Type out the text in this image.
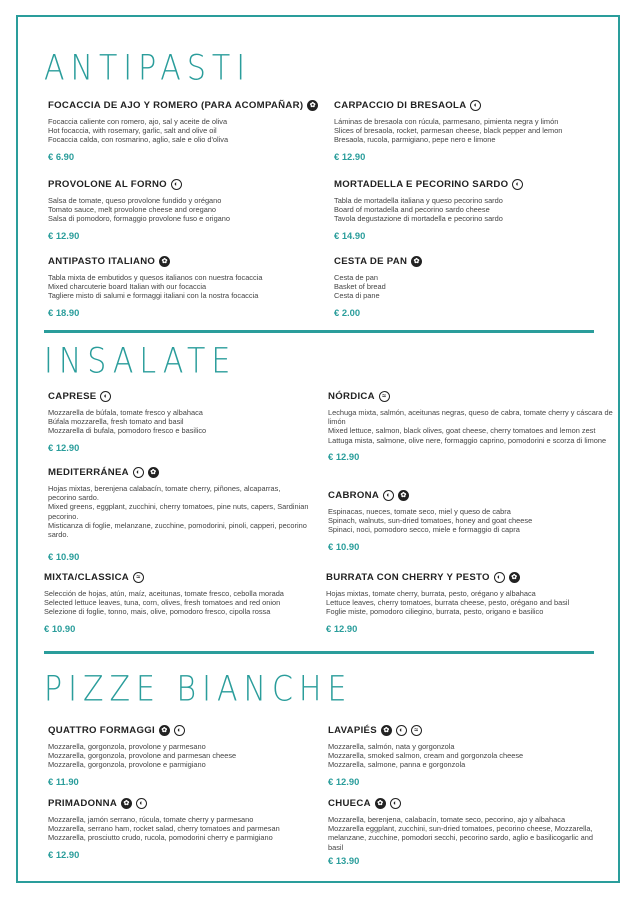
ANTIPASTI
FOCACCIA DE AJO Y ROMERO (PARA ACOMPAÑAR) ✿
Focaccia caliente con romero, ajo, sal y aceite de oliva
Hot focaccia, with rosemary, garlic, salt and olive oil
Focaccia calda, con rosmarino, aglio, sale e olio d'oliva
€ 6.90
CARPACCIO DI BRESAOLA	◐
Láminas de bresaola con rúcula, parmesano, pimienta negra y limón
Slices of bresaola, rocket, parmesan cheese, black pepper and lemon
Bresaola, rucola, parmigiano, pepe nero e limone
€ 12.90
PROVOLONE AL FORNO	◐
Salsa de tomate, queso provolone fundido y orégano
Tomato sauce, melt provolone cheese and oregano
Salsa di pomodoro, formaggio provolone fuso e origano
€ 12.90
MORTADELLA E PECORINO SARDO	◐
Tabla de mortadella italiana y queso pecorino sardo
Board of mortadella and pecorino sardo cheese
Tavola degustazione di mortadella e pecorino sardo
€ 14.90
ANTIPASTO ITALIANO ✿
Tabla mixta de embutidos y quesos italianos con nuestra focaccia
Mixed charcuterie board Italian with our focaccia
Tagliere misto di salumi e formaggi italiani con la nostra focaccia
€ 18.90
CESTA DE PAN ✿
Cesta de pan
Basket of bread
Cesta di pane
€ 2.00
INSALATE
CAPRESE	◐
Mozzarella de búfala, tomate fresco y albahaca
Búfala mozzarella, fresh tomato and basil
Mozzarella di bufala, pomodoro fresco e basilico
€ 12.90
NÓRDICA	≈
Lechuga mixta, salmón, aceitunas negras, queso de cabra, tomate cherry y cáscara de limón
Mixed lettuce, salmon, black olives, goat cheese, cherry tomatoes and lemon zest
Lattuga mista, salmone, olive nere, formaggio caprino, pomodorini e scorza di limone
€ 12.90
MEDITERRÁNEA	◐	✿
Hojas mixtas, berenjena calabacín, tomate cherry, piñones, alcaparras, pecorino sardo.
Mixed greens, eggplant, zucchini, cherry tomatoes, pine nuts, capers, Sardinian pecorino.
Misticanza di foglie, melanzane, zucchine, pomodorini, pinoli, capperi, pecorino sardo.
€ 10.90
CABRONA	◐	✿
Espinacas, nueces, tomate seco, miel y queso de cabra
Spinach, walnuts, sun-dried tomatoes, honey and goat cheese
Spinaci, noci, pomodoro secco, miele e formaggio di capra
€ 10.90
MIXTA/CLASSICA	≈
Selección de hojas, atún, maíz, aceitunas, tomate fresco, cebolla morada
Selected lettuce leaves, tuna, corn, olives, fresh tomatoes and red onion
Selezione di foglie, tonno, mais, olive, pomodoro fresco, cipolla rossa
€ 10.90
BURRATA CON CHERRY Y PESTO	◐	✿
Hojas mixtas, tomate cherry, burrata, pesto, orégano y albahaca
Lettuce leaves, cherry tomatoes, burrata cheese, pesto, orégano and basil
Foglie miste, pomodoro ciliegino, burrata, pesto, origano e basilico
€ 12.90
PIZZE BIANCHE
QUATTRO FORMAGGI ✿	◐
Mozzarella, gorgonzola, provolone y parmesano
Mozzarella, gorgonzola, provolone and parmesan cheese
Mozzarella, gorgonzola, provolone e parmigiano
€ 11.90
LAVAPIÉS ✿	◐	≈
Mozzarella, salmón, nata y gorgonzola
Mozzarella, smoked salmon, cream and gorgonzola cheese
Mozzarella, salmone, panna e gorgonzola
€ 12.90
PRIMADONNA ✿	◐
Mozzarella, jamón serrano, rúcula, tomate cherry y parmesano
Mozzarella, serrano ham, rocket salad, cherry tomatoes and parmesan
Mozzarella, prosciutto crudo, rucola, pomodorini cherry e parmigiano
€ 12.90
CHUECA ✿	◐
Mozzarella, berenjena, calabacín, tomate seco, pecorino, ajo y albahaca
Mozzarella eggplant, zucchini, sun-dried tomatoes, pecorino cheese, Mozzarella, melanzane, zucchine, pomodori secchi, pecorino sardo, aglio e basilicogarlic and basil
€ 13.90
